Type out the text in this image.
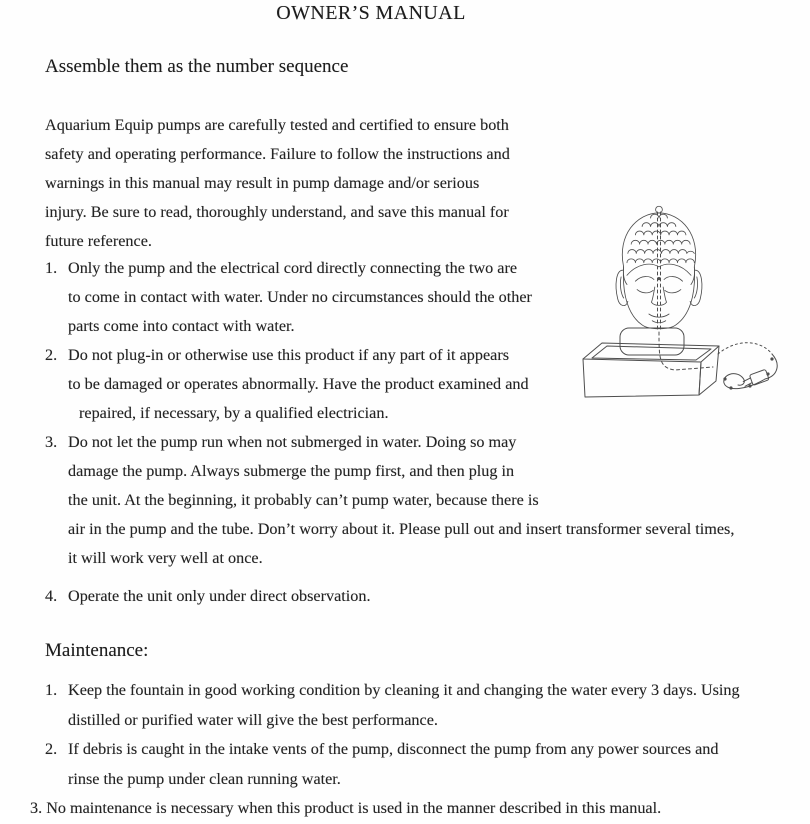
OWNER’S MANUAL
Assemble them as the number sequence
Aquarium Equip pumps are carefully tested and certified to ensure both
safety and operating performance. Failure to follow the instructions and
warnings in this manual may result in pump damage and/or serious
injury. Be sure to read, thoroughly understand, and save this manual for
future reference.
1. Only the pump and the electrical cord directly connecting the two are
to come in contact with water. Under no circumstances should the other
parts come into contact with water.
2. Do not plug-in or otherwise use this product if any part of it appears
to be damaged or operates abnormally. Have the product examined and
repaired, if necessary, by a qualified electrician.
3. Do not let the pump run when not submerged in water. Doing so may
damage the pump. Always submerge the pump first, and then plug in
the unit. At the beginning, it probably can’t pump water, because there is
air in the pump and the tube. Don’t worry about it. Please pull out and insert transformer several times,
it will work very well at once.
4. Operate the unit only under direct observation.
Maintenance:
1. Keep the fountain in good working condition by cleaning it and changing the water every 3 days. Using
distilled or purified water will give the best performance.
2. If debris is caught in the intake vents of the pump, disconnect the pump from any power sources and
rinse the pump under clean running water.
3. No maintenance is necessary when this product is used in the manner described in this manual.
